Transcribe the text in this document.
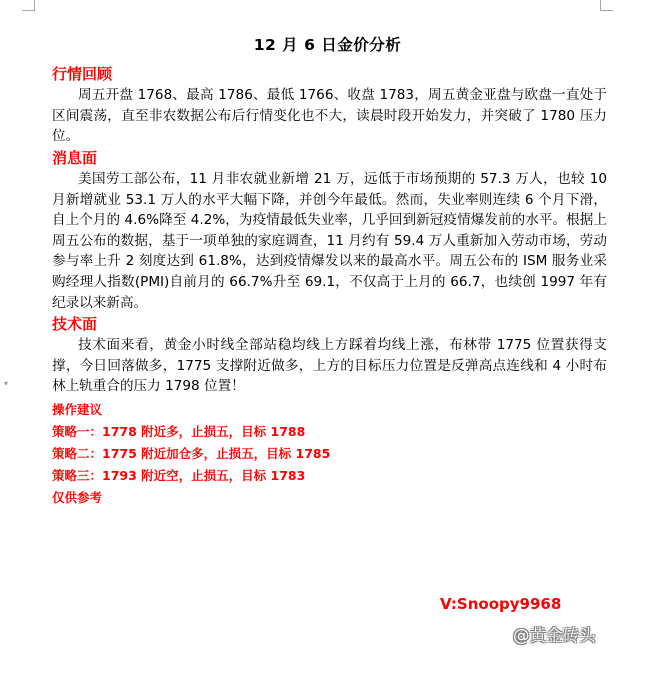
▾
12 月 6 日金价分析
行情回顾

周五开盘 1768、最高 1786、最低 1766、收盘 1783，周五黄金亚盘与欧盘一直处于区间震荡，直至非农数据公布后行情变化也不大，读晨时段开始发力，并突破了 1780 压力位。

消息面

美国劳工部公布，11 月非农就业新增 21 万，远低于市场预期的 57.3 万人，也较 10 月新增就业 53.1 万人的水平大幅下降，并创今年最低。然而，失业率则连续 6 个月下滑，自上个月的 4.6%降至 4.2%，为疫情最低失业率，几乎回到新冠疫情爆发前的水平。根据上周五公布的数据，基于一项单独的家庭调查，11 月约有 59.4 万人重新加入劳动市场，劳动参与率上升 2 刻度达到 61.8%，达到疫情爆发以来的最高水平。周五公布的 ISM 服务业采购经理人指数(PMI)自前月的 66.7%升至 69.1，不仅高于上月的 66.7，也续创 1997 年有纪录以来新高。

技术面

技术面来看，黄金小时线全部站稳均线上方踩着均线上涨，布林带 1775 位置获得支撑，今日回落做多，1775 支撑附近做多，上方的目标压力位置是反弹高点连线和 4 小时布林上轨重合的压力 1798 位置！

操作建议
策略一：1778 附近多，止损五，目标 1788
策略二：1775 附近加仓多，止损五，目标 1785
策略三：1793 附近空，止损五，目标 1783
仅供参考
V:Snoopy9968
@黄金砖头
